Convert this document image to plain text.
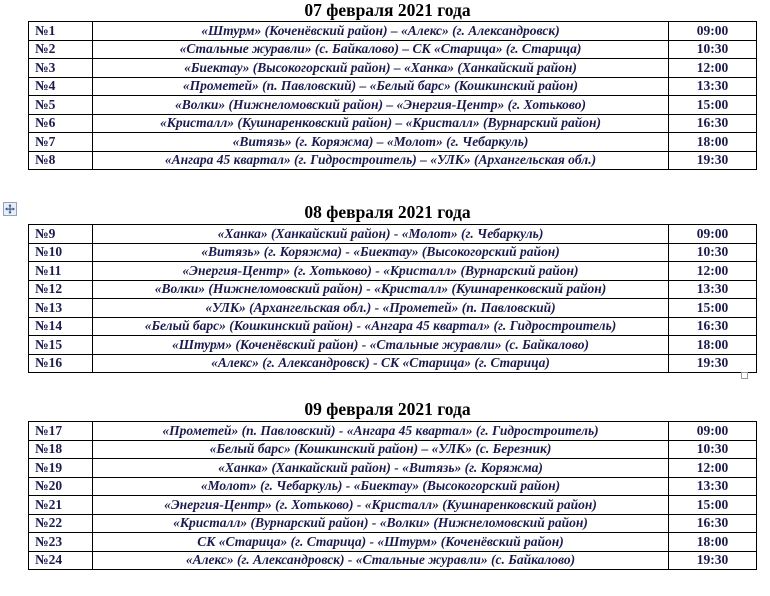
07 февраля 2021 года
№1	«Штурм» (Коченёвский район) – «Алекс» (г. Александровск)	09:00
№2	«Стальные журавли» (с. Байкалово) – СК «Старица» (г. Старица)	10:30
№3	«Биектау» (Высокогорский район) – «Ханка» (Ханкайский район)	12:00
№4	«Прометей» (п. Павловский) – «Белый барс» (Кошкинский район)	13:30
№5	«Волки» (Нижнеломовский район) – «Энергия-Центр» (г. Хотьково)	15:00
№6	«Кристалл» (Кушнаренковский район) – «Кристалл» (Вурнарский район)	16:30
№7	«Витязь» (г. Коряжма) – «Молот» (г. Чебаркуль)	18:00
№8	«Ангара 45 квартал» (г. Гидростроитель) – «УЛК» (Архангельская обл.)	19:30
08 февраля 2021 года
№9	«Ханка» (Ханкайский район) - «Молот» (г. Чебаркуль)	09:00
№10	«Витязь» (г. Коряжма) - «Биектау» (Высокогорский район)	10:30
№11	«Энергия-Центр» (г. Хотьково) - «Кристалл» (Вурнарский район)	12:00
№12	«Волки» (Нижнеломовский район) - «Кристалл» (Кушнаренковский район)	13:30
№13	«УЛК» (Архангельская обл.) - «Прометей» (п. Павловский)	15:00
№14	«Белый барс» (Кошкинский район) - «Ангара 45 квартал» (г. Гидростроитель)	16:30
№15	«Штурм» (Коченёвский район) - «Стальные журавли» (с. Байкалово)	18:00
№16	«Алекс» (г. Александровск) - СК «Старица» (г. Старица)	19:30
09 февраля 2021 года
№17	«Прометей» (п. Павловский) - «Ангара 45 квартал» (г. Гидростроитель)	09:00
№18	«Белый барс» (Кошкинский район) – «УЛК» (с. Березник)	10:30
№19	«Ханка» (Ханкайский район) - «Витязь» (г. Коряжма)	12:00
№20	«Молот» (г. Чебаркуль) - «Биектау» (Высокогорский район)	13:30
№21	«Энергия-Центр» (г. Хотьково) - «Кристалл» (Кушнаренковский район)	15:00
№22	«Кристалл» (Вурнарский район) - «Волки» (Нижнеломовский район)	16:30
№23	СК «Старица» (г. Старица) - «Штурм» (Коченёвский район)	18:00
№24	«Алекс» (г. Александровск) - «Стальные журавли» (с. Байкалово)	19:30
